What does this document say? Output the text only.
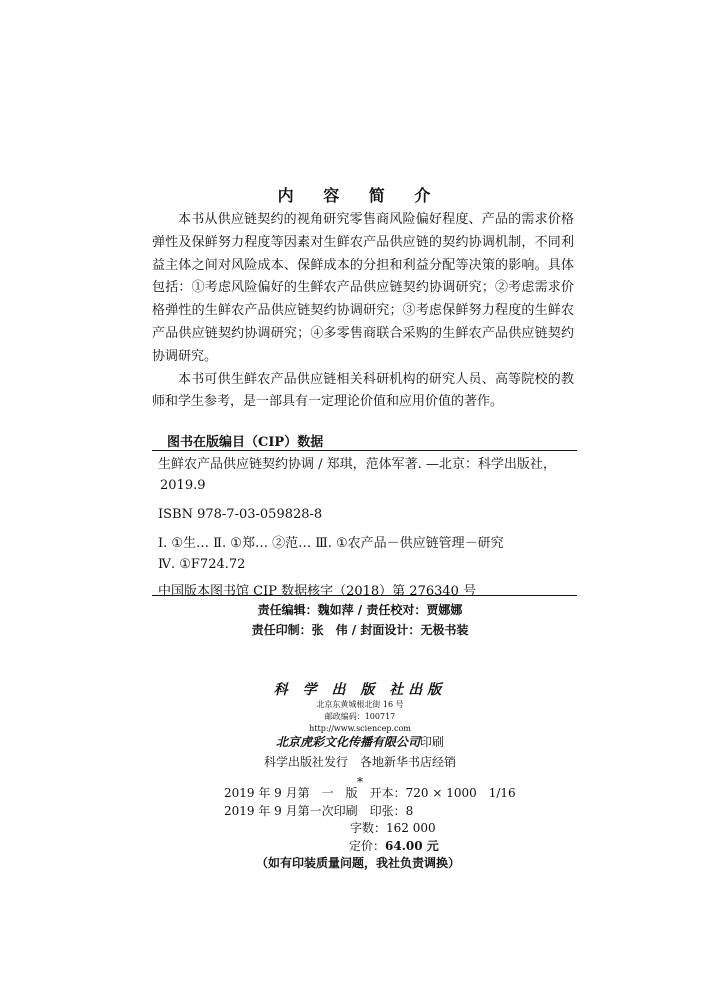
内 容 简 介

本书从供应链契约的视角研究零售商风险偏好程度、产品的需求价格弹性及保鲜努力程度等因素对生鲜农产品供应链的契约协调机制，不同利益主体之间对风险成本、保鲜成本的分担和利益分配等决策的影响。具体包括：①考虑风险偏好的生鲜农产品供应链契约协调研究；②考虑需求价格弹性的生鲜农产品供应链契约协调研究；③考虑保鲜努力程度的生鲜农产品供应链契约协调研究；④多零售商联合采购的生鲜农产品供应链契约协调研究。

本书可供生鲜农产品供应链相关科研机构的研究人员、高等院校的教师和学生参考，是一部具有一定理论价值和应用价值的著作。

图书在版编目（CIP）数据
生鲜农产品供应链契约协调 / 郑琪，范体军著. —北京：科学出版社，
2019.9
ISBN 978-7-03-059828-8
Ⅰ. ①生… Ⅱ. ①郑… ②范… Ⅲ. ①农产品－供应链管理－研究
Ⅳ. ①F724.72
中国版本图书馆 CIP 数据核字（2018）第 276340 号
责任编辑：魏如萍 / 责任校对：贾娜娜
责任印制：张　伟 / 封面设计：无极书装
科 学 出 版 社出版
北京东黄城根北街 16 号
邮政编码：100717
http://www.sciencep.com
北京虎彩文化传播有限公司印刷
科学出版社发行　各地新华书店经销
*
2019 年 9 月第　一　版　开本：720 × 1000　1/16
2019 年 9 月第一次印刷　印张：8
字数：162 000
定价：64.00 元
（如有印装质量问题，我社负责调换）
